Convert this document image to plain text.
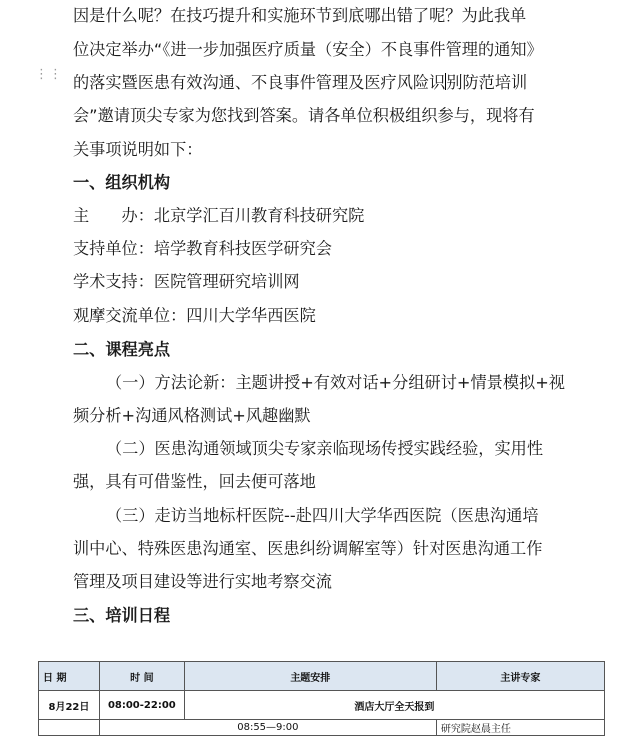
⋮⋮
因是什么呢？在技巧提升和实施环节到底哪出错了呢？为此我单
位决定举办“《进一步加强医疗质量（安全）不良事件管理的通知》
的落实暨医患有效沟通、不良事件管理及医疗风险识别防范培训
会”邀请顶尖专家为您找到答案。请各单位积极组织参与，现将有
关事项说明如下：
一、组织机构
主　　办：北京学汇百川教育科技研究院
支持单位：培学教育科技医学研究会
学术支持：医院管理研究培训网
观摩交流单位：四川大学华西医院
二、课程亮点
（一）方法论新：主题讲授+有效对话+分组研讨+情景模拟+视
频分析+沟通风格测试+风趣幽默
（二）医患沟通领域顶尖专家亲临现场传授实践经验，实用性
强，具有可借鉴性，回去便可落地
（三）走访当地标杆医院--赴四川大学华西医院（医患沟通培
训中心、特殊医患沟通室、医患纠纷调解室等）针对医患沟通工作
管理及项目建设等进行实地考察交流
三、培训日程
日 期	时 间	主题安排	主讲专家
8月22日	08:00-22:00	酒店大厅全天报到	
	08:55—9:00		研究院赵晨主任
